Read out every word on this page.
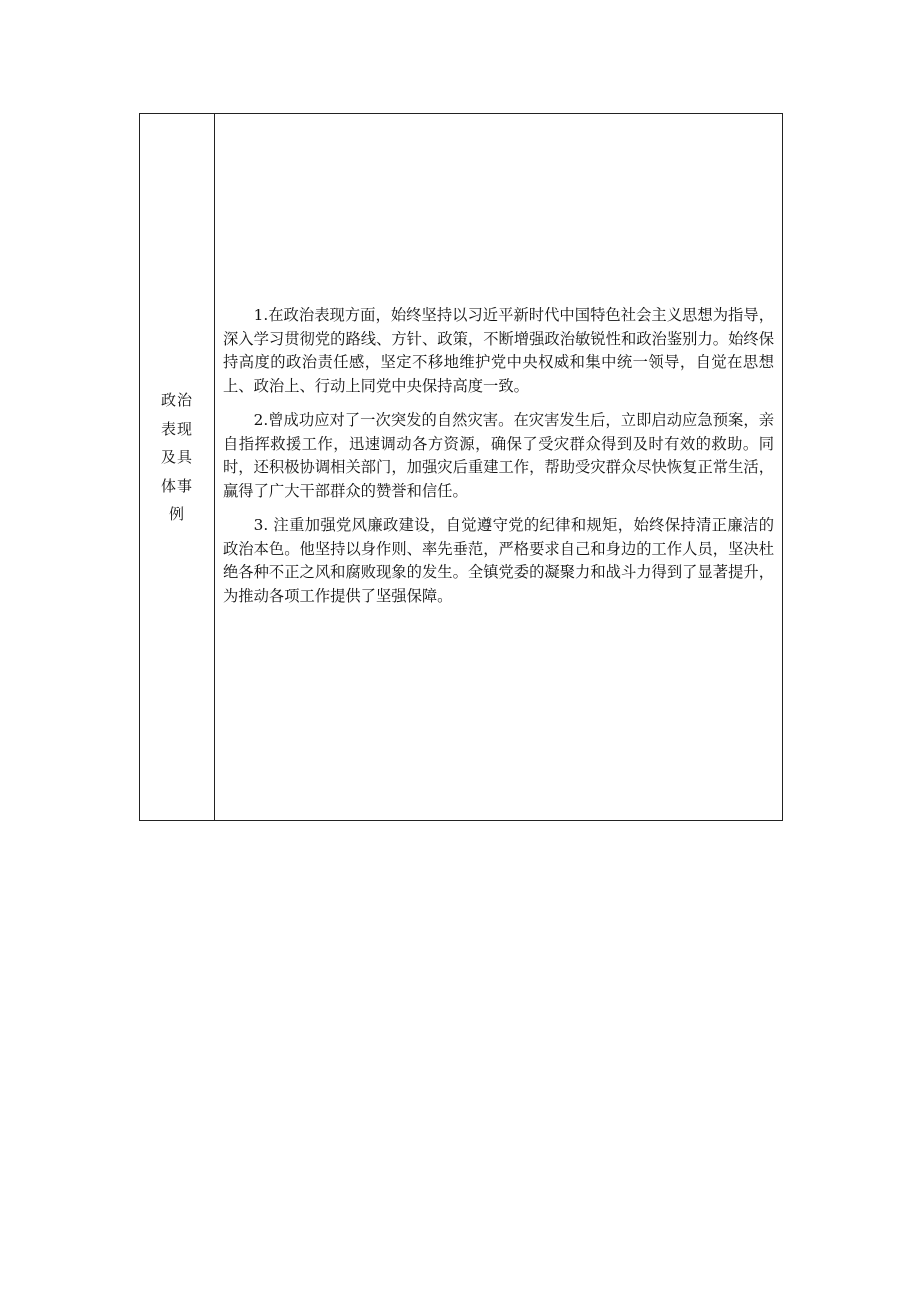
政治
表现
及具
体事
例

1.在政治表现方面，始终坚持以习近平新时代中国特色社会主义思想为指导，深入学习贯彻党的路线、方针、政策，不断增强政治敏锐性和政治鉴别力。始终保持高度的政治责任感，坚定不移地维护党中央权威和集中统一领导，自觉在思想上、政治上、行动上同党中央保持高度一致。

2.曾成功应对了一次突发的自然灾害。在灾害发生后，立即启动应急预案，亲自指挥救援工作，迅速调动各方资源，确保了受灾群众得到及时有效的救助。同时，还积极协调相关部门，加强灾后重建工作，帮助受灾群众尽快恢复正常生活，赢得了广大干部群众的赞誉和信任。

3. 注重加强党风廉政建设，自觉遵守党的纪律和规矩，始终保持清正廉洁的政治本色。他坚持以身作则、率先垂范，严格要求自己和身边的工作人员，坚决杜绝各种不正之风和腐败现象的发生。全镇党委的凝聚力和战斗力得到了显著提升，为推动各项工作提供了坚强保障。
